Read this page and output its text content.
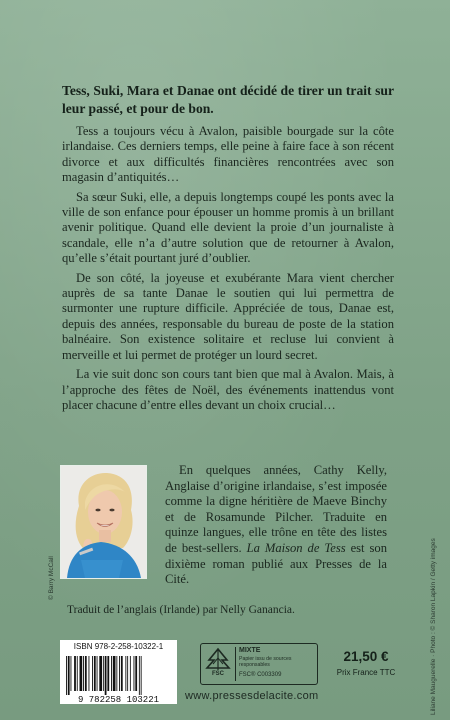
Tess, Suki, Mara et Danae ont décidé de tirer un trait sur leur passé, et pour de bon.

Tess a toujours vécu à Avalon, paisible bourgade sur la côte irlandaise. Ces derniers temps, elle peine à faire face à son récent divorce et aux difficultés financières rencontrées avec son magasin d’antiquités…

Sa sœur Suki, elle, a depuis longtemps coupé les ponts avec la ville de son enfance pour épouser un homme promis à un brillant avenir politique. Quand elle devient la proie d’un journaliste à scandale, elle n’a d’autre solution que de retourner à Avalon, qu’elle s’était pourtant juré d’oublier.

De son côté, la joyeuse et exubérante Mara vient chercher auprès de sa tante Danae le soutien qui lui permettra de surmonter une rupture difficile. Appréciée de tous, Danae est, depuis des années, responsable du bureau de poste de la station balnéaire. Son existence solitaire et recluse lui convient à merveille et lui permet de protéger un lourd secret.

La vie suit donc son cours tant bien que mal à Avalon. Mais, à l’approche des fêtes de Noël, des événements inattendus vont placer chacune d’entre elles devant un choix crucial…

© Barry McCall
En quelques années, Cathy Kelly, Anglaise d’origine irlandaise, s’est imposée comme la digne héritière de Maeve Binchy et de Rosamunde Pilcher. Traduite en quinze langues, elle trône en tête des listes de best-sellers. La Maison de Tess est son dixième roman publié aux Presses de la Cité.
Traduit de l’anglais (Irlande) par Nelly Ganancia.	Liliane Mauguerelle · Photo : © Sharon Lapkin / Getty images
ISBN 978-2-258-10322-1
9 782258 103221
FSC
MIXTE
Papier issu de sources responsables
FSC® C003309
www.pressesdelacite.com
21,50 €
Prix France TTC
